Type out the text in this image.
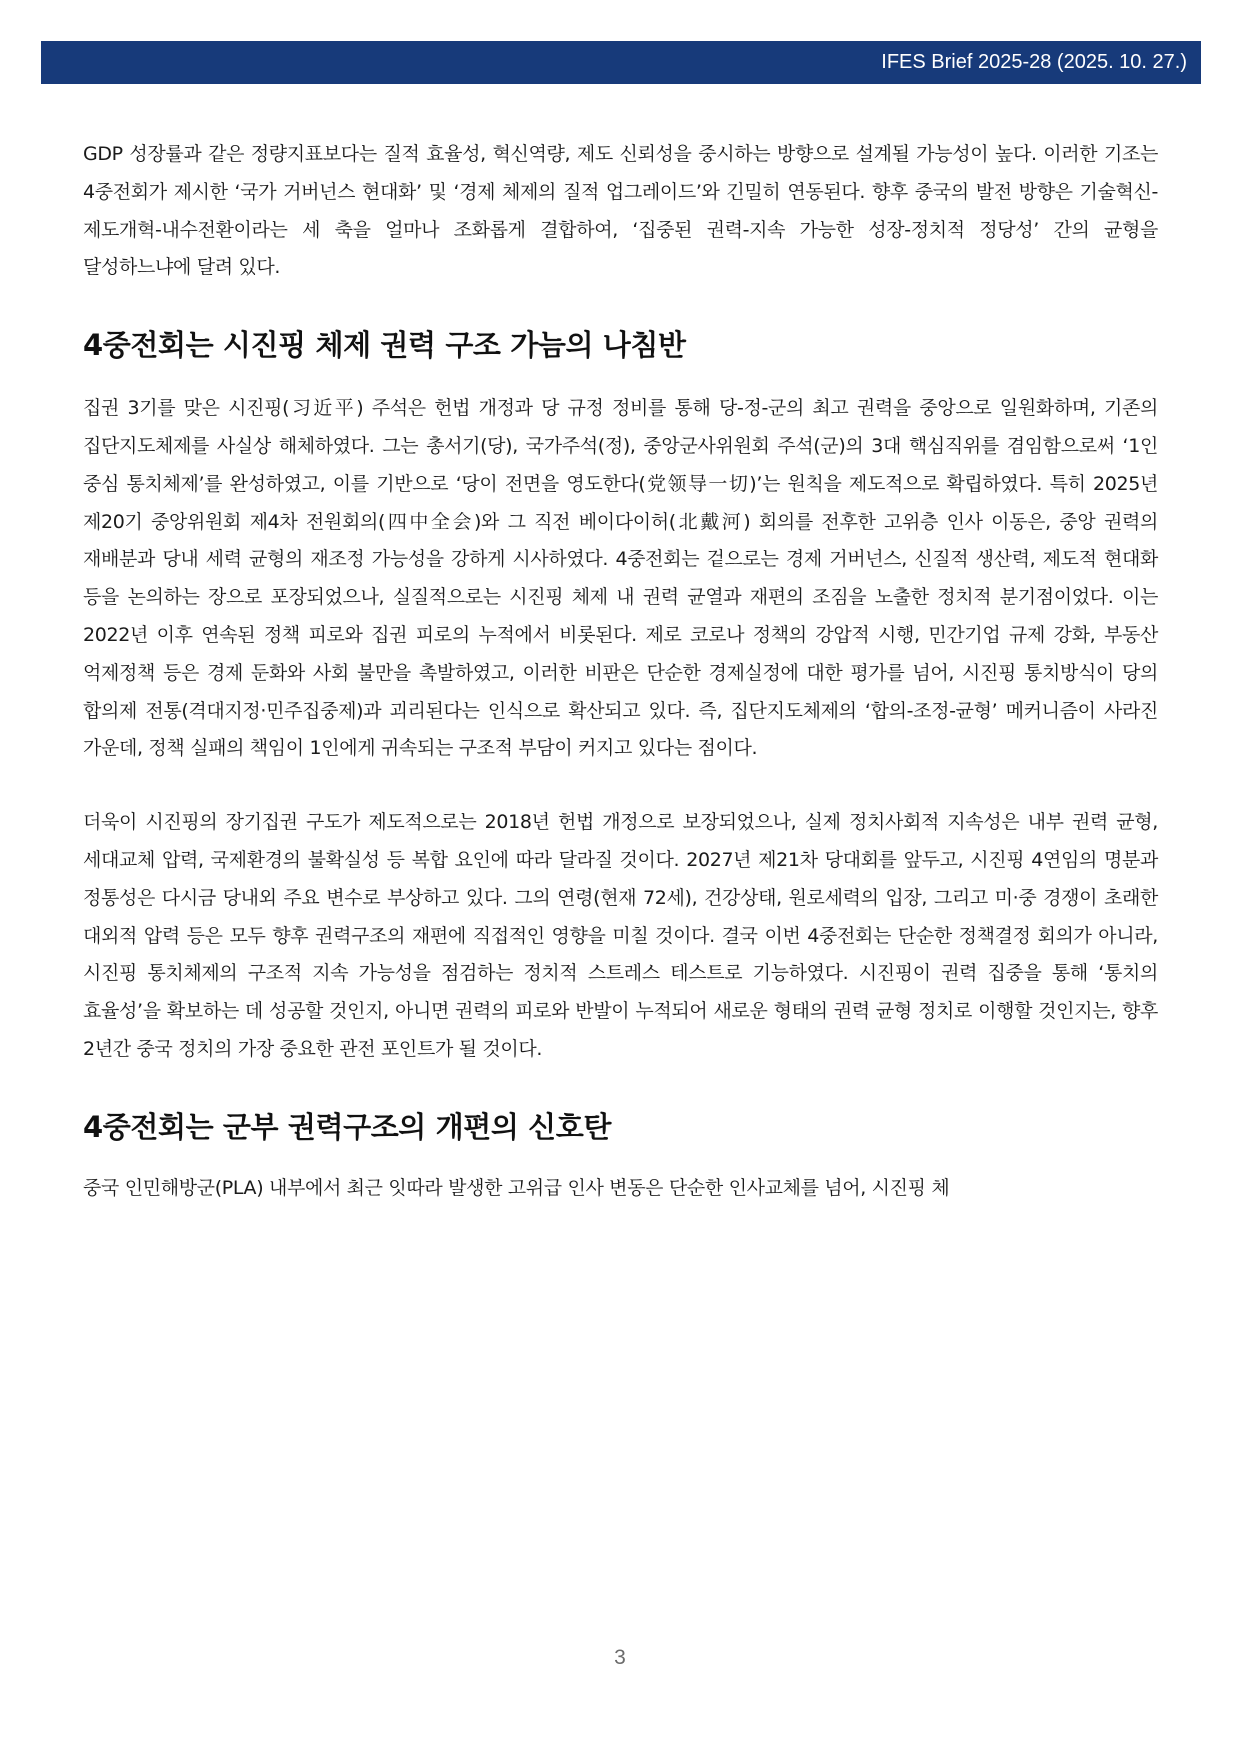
IFES Brief 2025-28 (2025. 10. 27.)

GDP 성장률과 같은 정량지표보다는 질적 효율성, 혁신역량, 제도 신뢰성을 중시하는 방향으로 설계될 가능성이 높다. 이러한 기조는 4중전회가 제시한 ‘국가 거버넌스 현대화’ 및 ‘경제 체제의 질적 업그레이드’와 긴밀히 연동된다. 향후 중국의 발전 방향은 기술혁신-제도개혁-내수전환이라는 세 축을 얼마나 조화롭게 결합하여, ‘집중된 권력-지속 가능한 성장-정치적 정당성’ 간의 균형을 달성하느냐에 달려 있다.

4중전회는 시진핑 체제 권력 구조 가늠의 나침반

집권 3기를 맞은 시진핑(习近平) 주석은 헌법 개정과 당 규정 정비를 통해 당-정-군의 최고 권력을 중앙으로 일원화하며, 기존의 집단지도체제를 사실상 해체하였다. 그는 총서기(당), 국가주석(정), 중앙군사위원회 주석(군)의 3대 핵심직위를 겸임함으로써 ‘1인 중심 통치체제’를 완성하였고, 이를 기반으로 ‘당이 전면을 영도한다(党领导一切)’는 원칙을 제도적으로 확립하였다. 특히 2025년 제20기 중앙위원회 제4차 전원회의(四中全会)와 그 직전 베이다이허(北戴河) 회의를 전후한 고위층 인사 이동은, 중앙 권력의 재배분과 당내 세력 균형의 재조정 가능성을 강하게 시사하였다. 4중전회는 겉으로는 경제 거버넌스, 신질적 생산력, 제도적 현대화 등을 논의하는 장으로 포장되었으나, 실질적으로는 시진핑 체제 내 권력 균열과 재편의 조짐을 노출한 정치적 분기점이었다. 이는 2022년 이후 연속된 정책 피로와 집권 피로의 누적에서 비롯된다. 제로 코로나 정책의 강압적 시행, 민간기업 규제 강화, 부동산 억제정책 등은 경제 둔화와 사회 불만을 촉발하였고, 이러한 비판은 단순한 경제실정에 대한 평가를 넘어, 시진핑 통치방식이 당의 합의제 전통(격대지정·민주집중제)과 괴리된다는 인식으로 확산되고 있다. 즉, 집단지도체제의 ‘합의-조정-균형’ 메커니즘이 사라진 가운데, 정책 실패의 책임이 1인에게 귀속되는 구조적 부담이 커지고 있다는 점이다.

더욱이 시진핑의 장기집권 구도가 제도적으로는 2018년 헌법 개정으로 보장되었으나, 실제 정치사회적 지속성은 내부 권력 균형, 세대교체 압력, 국제환경의 불확실성 등 복합 요인에 따라 달라질 것이다. 2027년 제21차 당대회를 앞두고, 시진핑 4연임의 명분과 정통성은 다시금 당내외 주요 변수로 부상하고 있다. 그의 연령(현재 72세), 건강상태, 원로세력의 입장, 그리고 미·중 경쟁이 초래한 대외적 압력 등은 모두 향후 권력구조의 재편에 직접적인 영향을 미칠 것이다. 결국 이번 4중전회는 단순한 정책결정 회의가 아니라, 시진핑 통치체제의 구조적 지속 가능성을 점검하는 정치적 스트레스 테스트로 기능하였다. 시진핑이 권력 집중을 통해 ‘통치의 효율성’을 확보하는 데 성공할 것인지, 아니면 권력의 피로와 반발이 누적되어 새로운 형태의 권력 균형 정치로 이행할 것인지는, 향후 2년간 중국 정치의 가장 중요한 관전 포인트가 될 것이다.

4중전회는 군부 권력구조의 개편의 신호탄

중국 인민해방군(PLA) 내부에서 최근 잇따라 발생한 고위급 인사 변동은 단순한 인사교체를 넘어, 시진핑 체

3
